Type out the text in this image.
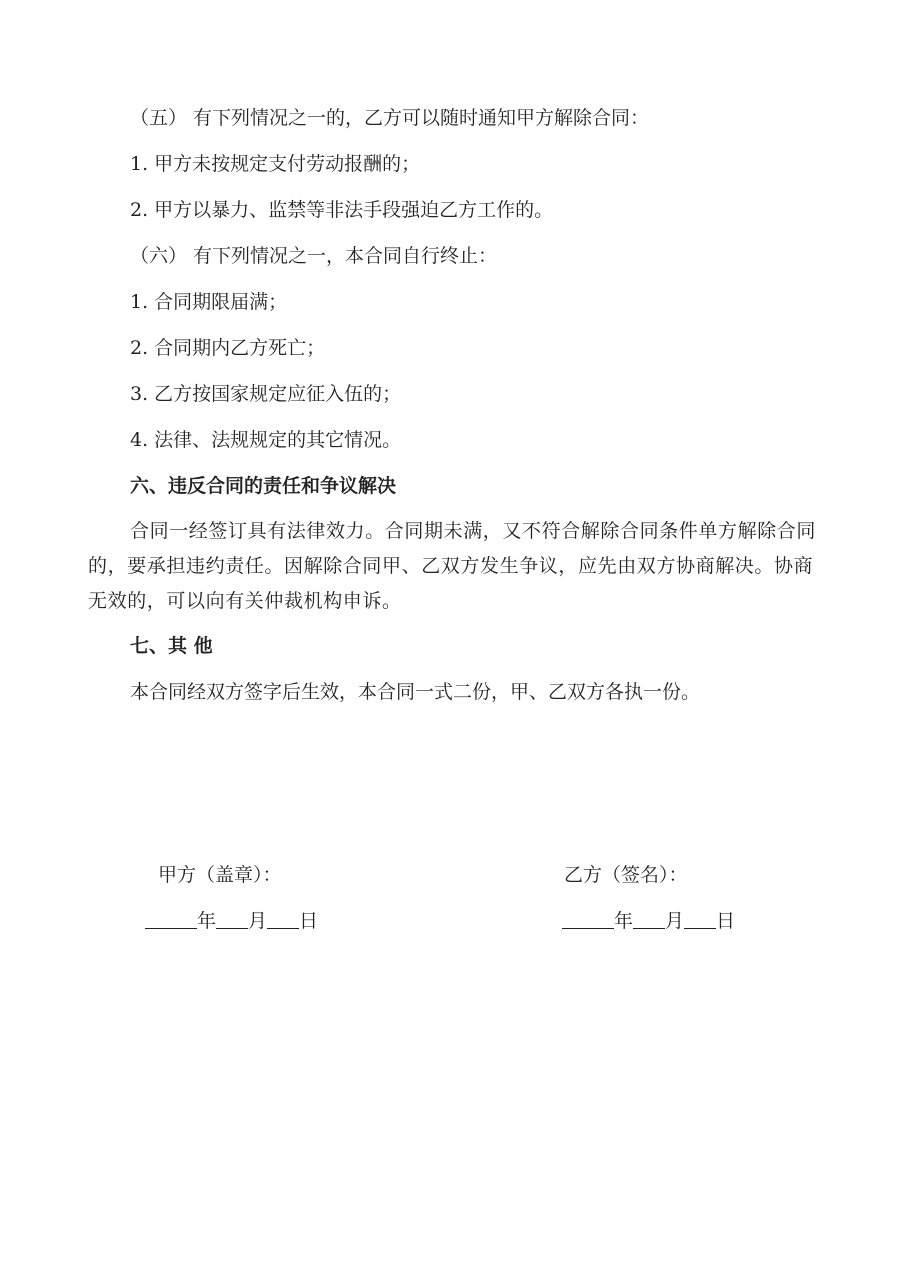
（五） 有下列情况之一的，乙方可以随时通知甲方解除合同：
1. 甲方未按规定支付劳动报酬的；
2. 甲方以暴力、监禁等非法手段强迫乙方工作的。
（六） 有下列情况之一，本合同自行终止：
1. 合同期限届满；
2. 合同期内乙方死亡；
3. 乙方按国家规定应征入伍的；
4. 法律、法规规定的其它情况。
六、违反合同的责任和争议解决
合同一经签订具有法律效力。合同期未满，又不符合解除合同条件单方解除合同的，要承担违约责任。因解除合同甲、乙双方发生争议，应先由双方协商解决。协商无效的，可以向有关仲裁机构申诉。
七、其 他
本合同经双方签字后生效，本合同一式二份，甲、乙双方各执一份。
甲方（盖章）：	乙方（签名）：
年 月 日	年 月 日
